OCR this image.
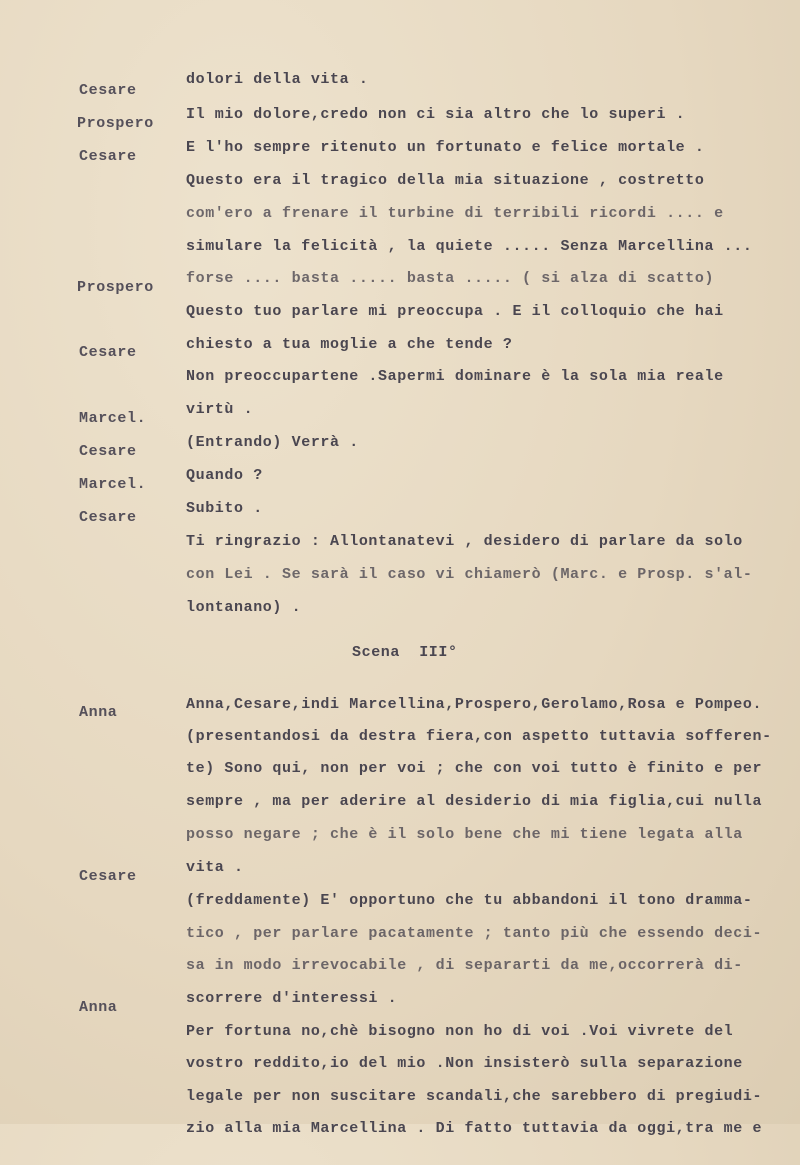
dolori della vita .

Cesare

Il mio dolore,credo non ci sia altro che lo superi .

Prospero

E l'ho sempre ritenuto un fortunato e felice mortale .

Cesare

Questo era il tragico della mia situazione , costretto

com'ero a frenare il turbine di terribili ricordi .... e

simulare la felicità , la quiete ..... Senza Marcellina ...

forse .... basta ..... basta ..... ( si alza di scatto)

Prospero

Questo tuo parlare mi preoccupa . E il colloquio che hai

chiesto a tua moglie a che tende ?

Cesare

Non preoccupartene .Sapermi dominare è la sola mia reale

virtù .

Marcel.

(Entrando) Verrà .

Cesare

Quando ?

Marcel.

Subito .

Cesare

Ti ringrazio : Allontanatevi , desidero di parlare da solo

con Lei . Se sarà il caso vi chiamerò (Marc. e Prosp. s'al-

lontanano) .

Scena  III°

Anna,Cesare,indi Marcellina,Prospero,Gerolamo,Rosa e Pompeo.

Anna

(presentandosi da destra fiera,con aspetto tuttavia sofferen-

te) Sono qui, non per voi ; che con voi tutto è finito e per

sempre , ma per aderire al desiderio di mia figlia,cui nulla

posso negare ; che è il solo bene che mi tiene legata alla

vita .

Cesare

(freddamente) E' opportuno che tu abbandoni il tono dramma-

tico , per parlare pacatamente ; tanto più che essendo deci-

sa in modo irrevocabile , di separarti da me,occorrerà di-

scorrere d'interessi .

Anna

Per fortuna no,chè bisogno non ho di voi .Voi vivrete del

vostro reddito,io del mio .Non insisterò sulla separazione

legale per non suscitare scandali,che sarebbero di pregiudi-

zio alla mia Marcellina . Di fatto tuttavia da oggi,tra me e
